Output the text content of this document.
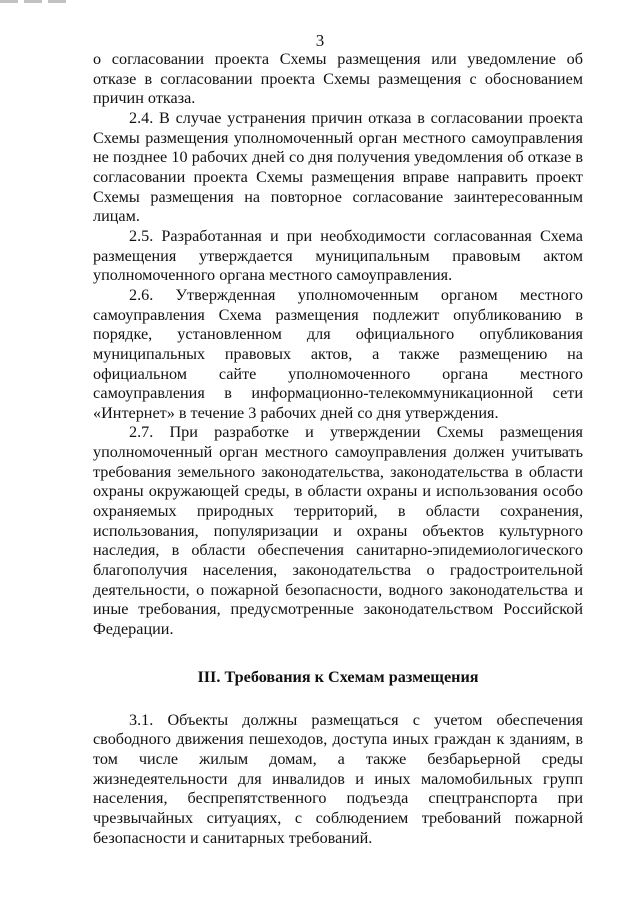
3

о согласовании проекта Схемы размещения или уведомление об отказе в согласовании проекта Схемы размещения с обоснованием причин отказа.

2.4. В случае устранения причин отказа в согласовании проекта Схемы размещения уполномоченный орган местного самоуправления не позднее 10 рабочих дней со дня получения уведомления об отказе в согласовании проекта Схемы размещения вправе направить проект Схемы размещения на повторное согласование заинтересованным лицам.

2.5. Разработанная и при необходимости согласованная Схема размещения утверждается муниципальным правовым актом уполномоченного органа местного самоуправления.

2.6. Утвержденная уполномоченным органом местного самоуправления Схема размещения подлежит опубликованию в порядке, установленном для официального опубликования муниципальных правовых актов, а также размещению на официальном сайте уполномоченного органа местного самоуправления в информационно-телекоммуникационной сети «Интернет» в течение 3 рабочих дней со дня утверждения.

2.7. При разработке и утверждении Схемы размещения уполномоченный орган местного самоуправления должен учитывать требования земельного законодательства, законодательства в области охраны окружающей среды, в области охраны и использования особо охраняемых природных территорий, в области сохранения, использования, популяризации и охраны объектов культурного наследия, в области обеспечения санитарно-эпидемиологического благополучия населения, законодательства о градостроительной деятельности, о пожарной безопасности, водного законодательства и иные требования, предусмотренные законодательством Российской Федерации.

III. Требования к Схемам размещения

3.1. Объекты должны размещаться с учетом обеспечения свободного движения пешеходов, доступа иных граждан к зданиям, в том числе жилым домам, а также безбарьерной среды жизнедеятельности для инвалидов и иных маломобильных групп населения, беспрепятственного подъезда спецтранспорта при чрезвычайных ситуациях, с соблюдением требований пожарной безопасности и санитарных требований.
